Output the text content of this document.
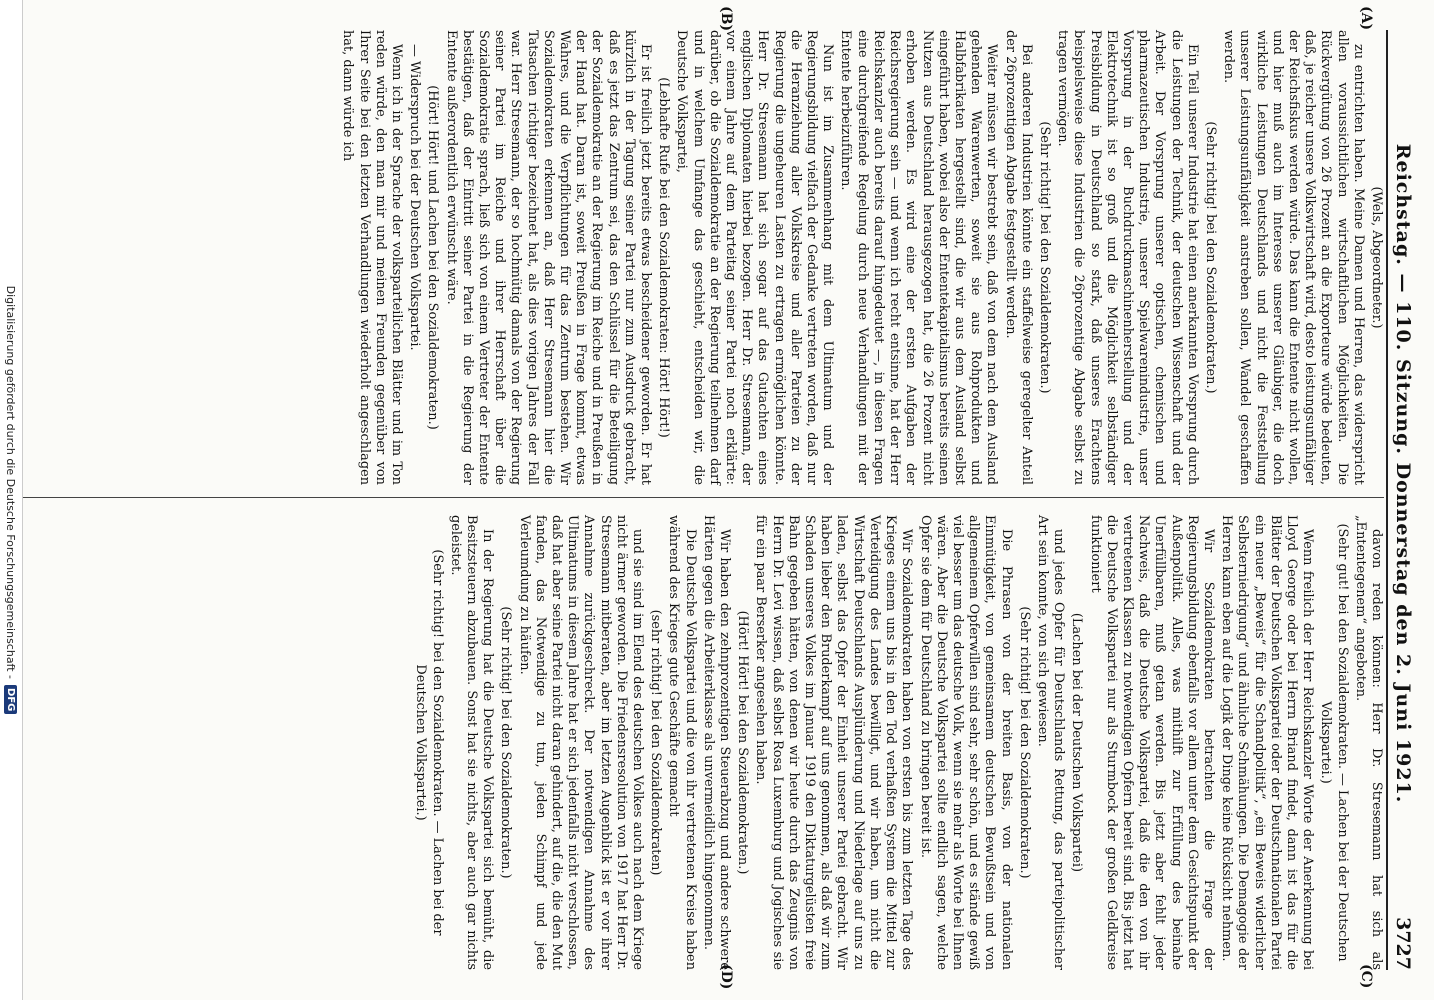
Reichstag. — 110. Sitzung. Donnerstag den 2. Juni 1921.
3727
(A)
(B)
(C)
(D)

(Wels, Abgeordneter.)

zu entrichten haben. Meine Damen und Herren, das widerspricht allen voraussichtlichen wirtschaftlichen Möglichkeiten. Die Rückvergütung von 26 Prozent an die Exporteure würde bedeuten, daß, je reicher unsere Volkswirtschaft wird, desto leistungsunfähiger der Reichsfiskus werden würde. Das kann die Entente nicht wollen, und hier muß auch im Interesse unserer Gläubiger, die doch wirkliche Leistungen Deutschlands und nicht die Feststellung unserer Leistungsunfähigkeit anstreben sollen, Wandel geschaffen werden.

(Sehr richtig! bei den Sozialdemokraten.)

Ein Teil unserer Industrie hat einen anerkannten Vorsprung durch die Leistungen der Technik, der deutschen Wissenschaft und der Arbeit. Der Vorsprung unserer optischen, chemischen und pharmazeutischen Industrie, unserer Spielwarenindustrie, unser Vorsprung in der Buchdruckmaschinenherstellung und der Elektrotechnik ist so groß und die Möglichkeit selbständiger Preisbildung in Deutschland so stark, daß unseres Erachtens beispielsweise diese Industrien die 26prozentige Abgabe selbst zu tragen vermögen.

(Sehr richtig! bei den Sozialdemokraten.)

Bei anderen Industrien könnte ein staffelweise geregelter Anteil der 26prozentigen Abgabe festgestellt werden.

Weiter müssen wir bestrebt sein, daß von dem nach dem Ausland gehenden Warenwerten, soweit sie aus Rohprodukten und Halbfabrikaten hergestellt sind, die wir aus dem Ausland selbst eingeführt haben, wobei also der Ententekapitalismus bereits seinen Nutzen aus Deutschland herausgezogen hat, die 26 Prozent nicht erhoben werden. Es wird eine der ersten Aufgaben der Reichsregierung sein — und wenn ich recht entsinne, hat der Herr Reichskanzler auch bereits darauf hingedeutet —, in diesen Fragen eine durchgreifende Regelung durch neue Verhandlungen mit der Entente herbeizuführen.

Nun ist im Zusammenhang mit dem Ultimatum und der Regierungsbildung vielfach der Gedanke vertreten worden, daß nur die Heranziehung aller Volkskreise und aller Parteien zu der Regierung die ungeheuren Lasten zu ertragen ermöglichen könnte. Herr Dr. Stresemann hat sich sogar auf das Gutachten eines englischen Diplomaten hierbei bezogen. Herr Dr. Stresemann, der vor einem Jahre auf dem Parteitag seiner Partei noch erklärte: darüber, ob die Sozialdemokratie an der Regierung teilnehmen darf und in welchem Umfange das geschieht, entscheiden wir, die Deutsche Volkspartei,

(Lebhafte Rufe bei den Sozialdemokraten: Hört! Hört!)

Er ist freilich jetzt bereits etwas bescheidener geworden. Er hat kürzlich in der Tagung seiner Partei nur zum Ausdruck gebracht, daß es jetzt das Zentrum sei, das den Schlüssel für die Beteiligung der Sozialdemokratie an der Regierung im Reiche und in Preußen in der Hand hat. Daran ist, soweit Preußen in Frage kommt, etwas Wahres, und die Verpflichtungen für das Zentrum bestehen. Wir Sozialdemokraten erkennen an, daß Herr Stresemann hier die Tatsachen richtiger bezeichnet hat, als dies vorigen Jahres der Fall war. Herr Stresemann, der so hochmütig damals von der Regierung seiner Partei im Reiche und ihrer Herrschaft über die Sozialdemokratie sprach, ließ sich von einem Vertreter der Entente bestätigen, daß der Eintritt seiner Partei in die Regierung der Entente außerordentlich erwünscht wäre.

(Hört! Hört! und Lachen bei den Sozialdemokraten.)

— Widerspruch bei der Deutschen Volkspartei.

Wenn ich in der Sprache der volksparteilichen Blätter und im Ton reden würde, den man mir und meinen Freunden gegenüber von Ihrer Seite bei den letzten Verhandlungen wiederholt angeschlagen hat, dann würde ich

davon reden können: Herr Dr. Stresemann hat sich als „Ententegenem“ angeboten.

(Sehr gut! bei den Sozialdemokraten. — Lachen bei der Deutschen Volkspartei.)

Wenn freilich der Herr Reichskanzler Worte der Anerkennung bei Lloyd George oder bei Herrn Briand findet, dann ist das für die Blätter der Deutschen Volkspartei oder der Deutschnationalen Partei ein neuer „Beweis“ für die Schandpolitik“, „ein Beweis widerlicher Selbsterniedrigung“ und ähnliche Schmähungen. Die Demagogie der Herren kann eben auf die Logik der Dinge keine Rücksicht nehmen.

Wir Sozialdemokraten betrachten die Frage der Regierungsbildung ebenfalls vor allem unter dem Gesichtspunkt der Außenpolitik. Alles, was mithilft zur Erfüllung des beinahe Unerfüllbaren, muß getan werden. Bis jetzt aber fehlt jeder Nachweis, daß die Deutsche Volkspartei, daß die den von ihr vertretenen Klassen zu notwendigen Opfern bereit sind. Bis jetzt hat die Deutsche Volkspartei nur als Sturmbock der großen Geldkreise funktioniert

(Lachen bei der Deutschen Volkspartei)

und jedes Opfer für Deutschlands Rettung, das parteipolitischer Art sein konnte, von sich gewiesen.

(Sehr richtig! bei den Sozialdemokraten.)

Die Phrasen von der breiten Basis, von der nationalen Einmütigkeit, von gemeinsamem deutschen Bewußtsein und von allgemeinem Opferwillen sind sehr, sehr schön, und es stände gewiß viel besser um das deutsche Volk, wenn sie mehr als Worte bei Ihnen wären. Aber die Deutsche Volkspartei sollte endlich sagen, welche Opfer sie dem für Deutschland zu bringen bereit ist.

Wir Sozialdemokraten haben von ersten bis zum letzten Tage des Krieges einem uns bis in den Tod verhaßten System die Mittel zur Verteidigung des Landes bewilligt, und wir haben, um nicht die Wirtschaft Deutschlands Ausplünderung und Niederlage auf uns zu laden, selbst das Opfer der Einheit unserer Partei gebracht. Wir haben lieber den Bruderkampf auf uns genommen, als daß wir zum Schaden unseres Volkes im Januar 1919 den Diktaturgelüsten freie Bahn gegeben hätten, von denen wir heute durch das Zeugnis von Herrn Dr. Levi wissen, daß selbst Rosa Luxemburg und Jogisches sie für ein paar Berserker angesehen haben.

(Hört! Hört! bei den Sozialdemokraten.)

Wir haben den zehnprozentigen Steuerabzug und andere schwere Härten gegen die Arbeiterklasse als unvermeidlich hingenommen.

Die Deutsche Volkspartei und die von ihr vertretenen Kreise haben während des Krieges gute Geschäfte gemacht

(sehr richtig! bei den Sozialdemokraten)

und sie sind im Elend des deutschen Volkes auch nach dem Kriege nicht ärmer geworden. Die Friedensresolution von 1917 hat Herr Dr. Stresemann mitberaten, aber im letzten Augenblick ist er vor ihrer Annahme zurückgeschreckt. Der notwendigen Annahme des Ultimatums in diesem Jahre hat er sich jedenfalls nicht verschlossen, daß hat aber seine Partei nicht daran gehindert, auf die, die den Mut fanden, das Notwendige zu tun, jeden Schimpf und jede Verleumdung zu häufen.

(Sehr richtig! bei den Sozialdemokraten.)

In der Regierung hat die Deutsche Volkspartei sich bemüht, die Besitzsteuern abzubauen. Sonst hat sie nichts, aber auch gar nichts geleistet.

(Sehr richtig! bei den Sozialdemokraten. — Lachen bei der Deutschen Volkspartei.)

Digitalisierung gefördert durch die Deutsche Forschungsgemeinschaft -
DFG
